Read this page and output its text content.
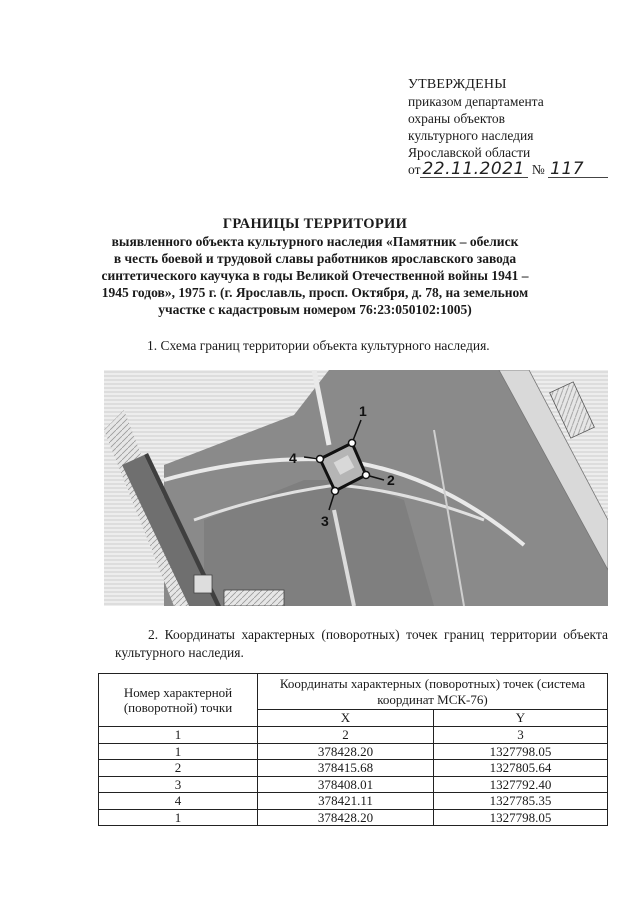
УТВЕРЖДЕНЫ
приказом департамента
охраны объектов
культурного наследия
Ярославской области
от 22.11.2021 № 117
ГРАНИЦЫ ТЕРРИТОРИИ
выявленного объекта культурного наследия «Памятник – обелиск
в честь боевой и трудовой славы работников ярославского завода
синтетического каучука в годы Великой Отечественной войны 1941 –
1945 годов», 1975 г. (г. Ярославль, просп. Октября, д. 78, на земельном
участке с кадастровым номером 76:23:050102:1005)
1. Схема границ территории объекта культурного наследия.
1
2
3
4
2. Координаты характерных (поворотных) точек границ территории объекта культурного наследия.
Номер характерной (поворотной) точки	Координаты характерных (поворотных) точек (система координат МСК-76)	
	X	Y
1	2	3
1	378428.20	1327798.05
2	378415.68	1327805.64
3	378408.01	1327792.40
4	378421.11	1327785.35
1	378428.20	1327798.05
